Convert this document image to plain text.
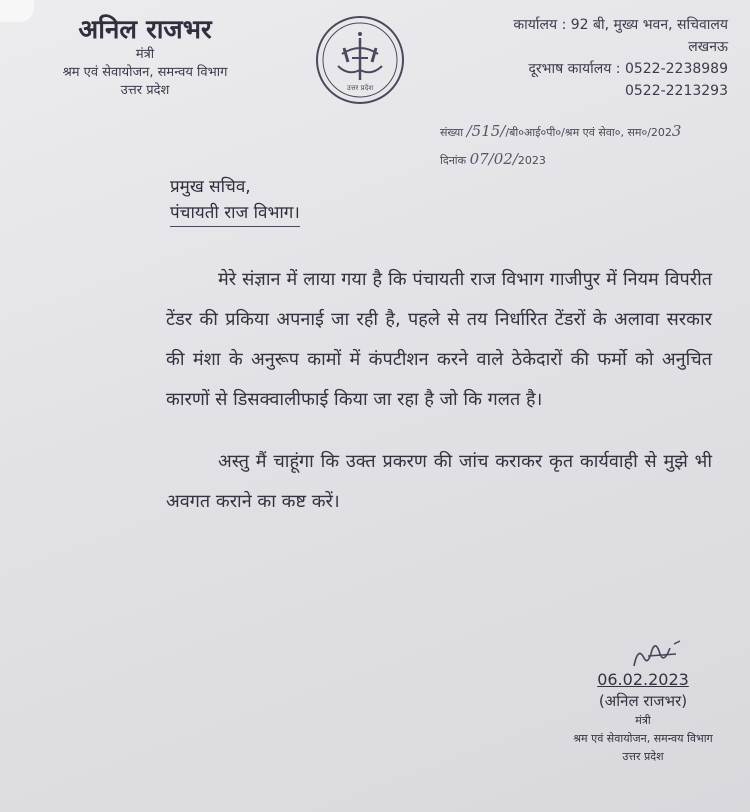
अनिल राजभर
मंत्री
श्रम एवं सेवायोजन, समन्वय विभाग
उत्तर प्रदेश	उत्तर प्रदेश
कार्यालय : 92 बी, मुख्य भवन, सचिवालय
लखनऊ
दूरभाष कार्यालय : 0522-2238989
0522-2213293
संख्या /515//बी०आई०पी०/श्रम एवं सेवा०, सम०/2023
दिनांक 07/02/2023
प्रमुख सचिव,
पंचायती राज विभाग।

मेरे संज्ञान में लाया गया है कि पंचायती राज विभाग गाजीपुर में नियम विपरीत टेंडर की प्रकिया अपनाई जा रही है, पहले से तय निर्धारित टेंडरों के अलावा सरकार की मंशा के अनुरूप कामों में कंपटीशन करने वाले ठेकेदारों की फर्मो को अनुचित कारणों से डिसक्वालीफाई किया जा रहा है जो कि गलत है।

अस्तु मैं चाहूंगा कि उक्त प्रकरण की जांच कराकर कृत कार्यवाही से मुझे भी अवगत कराने का कष्ट करें।

06.02.2023
(अनिल राजभर)
मंत्री
श्रम एवं सेवायोजन, समन्वय विभाग
उत्तर प्रदेश
